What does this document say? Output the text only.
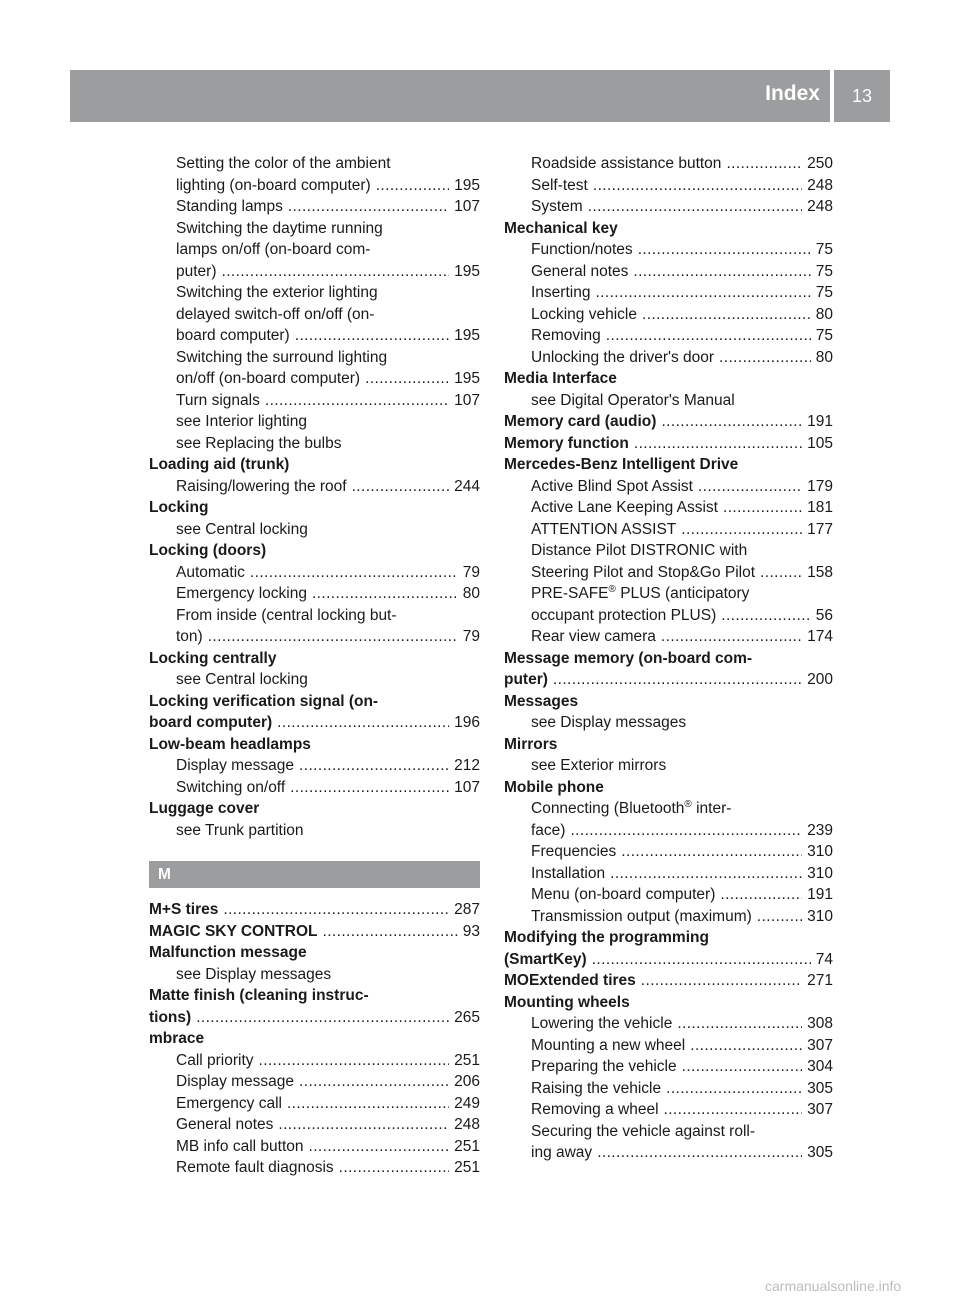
Index	13
Setting the color of the ambient
lighting (on-board computer) .....	195
Standing lamps .....	107
Switching the daytime running
lamps on/off (on-board com-
puter) .....	195
Switching the exterior lighting
delayed switch-off on/off (on-
board computer) .....	195
Switching the surround lighting
on/off (on-board computer) .....	195
Turn signals .....	107
see Interior lighting
see Replacing the bulbs
Loading aid (trunk)
Raising/lowering the roof .....	244
Locking
see Central locking
Locking (doors)
Automatic .....	79
Emergency locking .....	80
From inside (central locking but-
ton) .....	79
Locking centrally
see Central locking
Locking verification signal (on-
board computer) .....	196
Low-beam headlamps
Display message .....	212
Switching on/off .....	107
Luggage cover
see Trunk partition
M
M+S tires .....	287
MAGIC SKY CONTROL .....	93
Malfunction message
see Display messages
Matte finish (cleaning instruc-
tions) .....	265
mbrace
Call priority .....	251
Display message .....	206
Emergency call .....	249
General notes .....	248
MB info call button .....	251
Remote fault diagnosis .....	251
Roadside assistance button .....	250
Self-test .....	248
System .....	248
Mechanical key
Function/notes .....	75
General notes .....	75
Inserting .....	75
Locking vehicle .....	80
Removing .....	75
Unlocking the driver's door .....	80
Media Interface
see Digital Operator's Manual
Memory card (audio) .....	191
Memory function .....	105
Mercedes-Benz Intelligent Drive
Active Blind Spot Assist .....	179
Active Lane Keeping Assist .....	181
ATTENTION ASSIST .....	177
Distance Pilot DISTRONIC with
Steering Pilot and Stop&Go Pilot .....	158
PRE-SAFE® PLUS (anticipatory
occupant protection PLUS) .....	56
Rear view camera .....	174
Message memory (on-board com-
puter) .....	200
Messages
see Display messages
Mirrors
see Exterior mirrors
Mobile phone
Connecting (Bluetooth® inter-
face) .....	239
Frequencies .....	310
Installation .....	310
Menu (on-board computer) .....	191
Transmission output (maximum) .....	310
Modifying the programming
(SmartKey) .....	74
MOExtended tires .....	271
Mounting wheels
Lowering the vehicle .....	308
Mounting a new wheel .....	307
Preparing the vehicle .....	304
Raising the vehicle .....	305
Removing a wheel .....	307
Securing the vehicle against roll-
ing away .....	305
carmanualsonline.info
